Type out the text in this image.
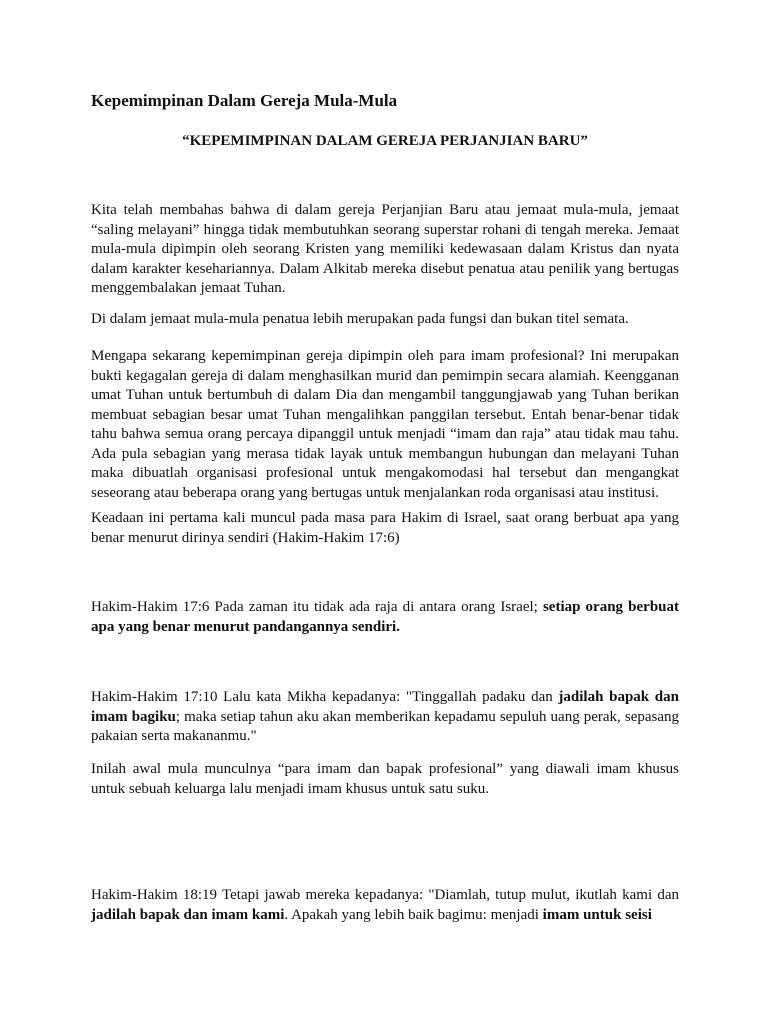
Kepemimpinan Dalam Gereja Mula-Mula
“KEPEMIMPINAN DALAM GEREJA PERJANJIAN BARU”

Kita telah membahas bahwa di dalam gereja Perjanjian Baru atau jemaat mula-mula, jemaat “saling melayani” hingga tidak membutuhkan seorang superstar rohani di tengah mereka. Jemaat mula-mula dipimpin oleh seorang Kristen yang memiliki kedewasaan dalam Kristus dan nyata dalam karakter kesehariannya. Dalam Alkitab mereka disebut penatua atau penilik yang bertugas menggembalakan jemaat Tuhan.

Di dalam jemaat mula-mula penatua lebih merupakan pada fungsi dan bukan titel semata.

Mengapa sekarang kepemimpinan gereja dipimpin oleh para imam profesional? Ini merupakan bukti kegagalan gereja di dalam menghasilkan murid dan pemimpin secara alamiah. Keengganan umat Tuhan untuk bertumbuh di dalam Dia dan mengambil tanggungjawab yang Tuhan berikan membuat sebagian besar umat Tuhan mengalihkan panggilan tersebut. Entah benar-benar tidak tahu bahwa semua orang percaya dipanggil untuk menjadi “imam dan raja” atau tidak mau tahu. Ada pula sebagian yang merasa tidak layak untuk membangun hubungan dan melayani Tuhan maka dibuatlah organisasi profesional untuk mengakomodasi hal tersebut dan mengangkat seseorang atau beberapa orang yang bertugas untuk menjalankan roda organisasi atau institusi.

Keadaan ini pertama kali muncul pada masa para Hakim di Israel, saat orang berbuat apa yang benar menurut dirinya sendiri (Hakim-Hakim 17:6)

Hakim-Hakim 17:6 Pada zaman itu tidak ada raja di antara orang Israel; setiap orang berbuat apa yang benar menurut pandangannya sendiri.

Hakim-Hakim 17:10 Lalu kata Mikha kepadanya: "Tinggallah padaku dan jadilah bapak dan imam bagiku; maka setiap tahun aku akan memberikan kepadamu sepuluh uang perak, sepasang pakaian serta makananmu."

Inilah awal mula munculnya “para imam dan bapak profesional” yang diawali imam khusus untuk sebuah keluarga lalu menjadi imam khusus untuk satu suku.

Hakim-Hakim 18:19 Tetapi jawab mereka kepadanya: "Diamlah, tutup mulut, ikutlah kami dan jadilah bapak dan imam kami. Apakah yang lebih baik bagimu: menjadi imam untuk seisi
